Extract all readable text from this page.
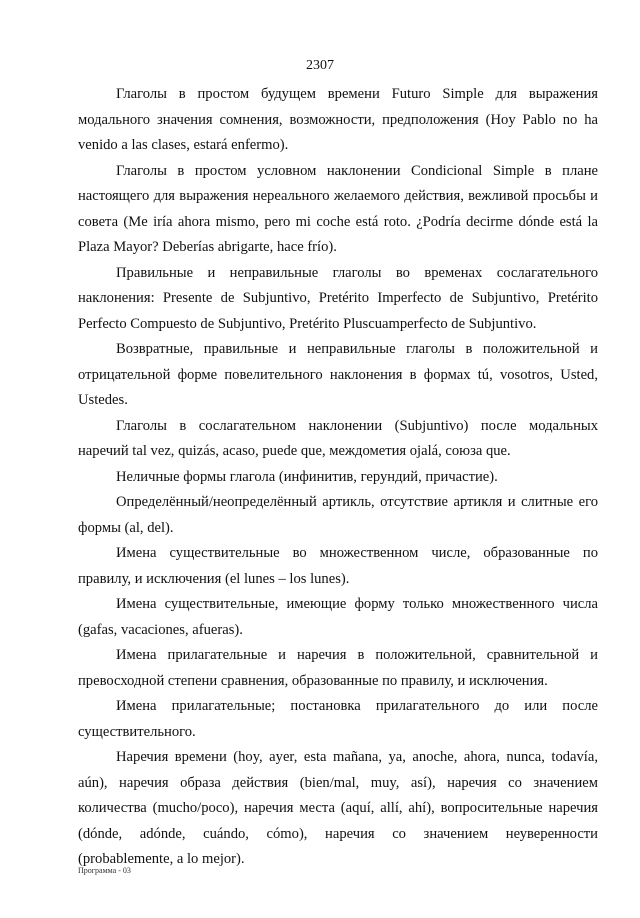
2307

Глаголы в простом будущем времени Futuro Simple для выражения модального значения сомнения, возможности, предположения (Hoy Pablo no ha venido a las clases, estará enfermo).

Глаголы в простом условном наклонении Condicional Simple в плане настоящего для выражения нереального желаемого действия, вежливой просьбы и совета (Me iría ahora mismo, pero mi coche está roto. ¿Podría decirme dónde está la Plaza Mayor? Deberías abrigarte, hace frío).

Правильные и неправильные глаголы во временах сослагательного наклонения: Presente de Subjuntivo, Pretérito Imperfecto de Subjuntivo, Pretérito Perfecto Compuesto de Subjuntivo, Pretérito Pluscuamperfecto de Subjuntivo.

Возвратные, правильные и неправильные глаголы в положительной и отрицательной форме повелительного наклонения в формах tú, vosotros, Usted, Ustedes.

Глаголы в сослагательном наклонении (Subjuntivo) после модальных наречий tal vez, quizás, acaso, puede que, междометия ojalá, союза que.

Неличные формы глагола (инфинитив, герундий, причастие).

Определённый/неопределённый артикль, отсутствие артикля и слитные его формы (al, del).

Имена существительные во множественном числе, образованные по правилу, и исключения (el lunes – los lunes).

Имена существительные, имеющие форму только множественного числа (gafas, vacaciones, afueras).

Имена прилагательные и наречия в положительной, сравнительной и превосходной степени сравнения, образованные по правилу, и исключения.

Имена прилагательные; постановка прилагательного до или после существительного.

Наречия времени (hoy, ayer, esta mañana, ya, anoche, ahora, nunca, todavía, aún), наречия образа действия (bien/mal, muy, así), наречия со значением количества (mucho/poco), наречия места (aquí, allí, ahí), вопросительные наречия (dónde, adónde, cuándo, cómo), наречия со значением неуверенности (probablemente, a lo mejor).

Программа - 03
